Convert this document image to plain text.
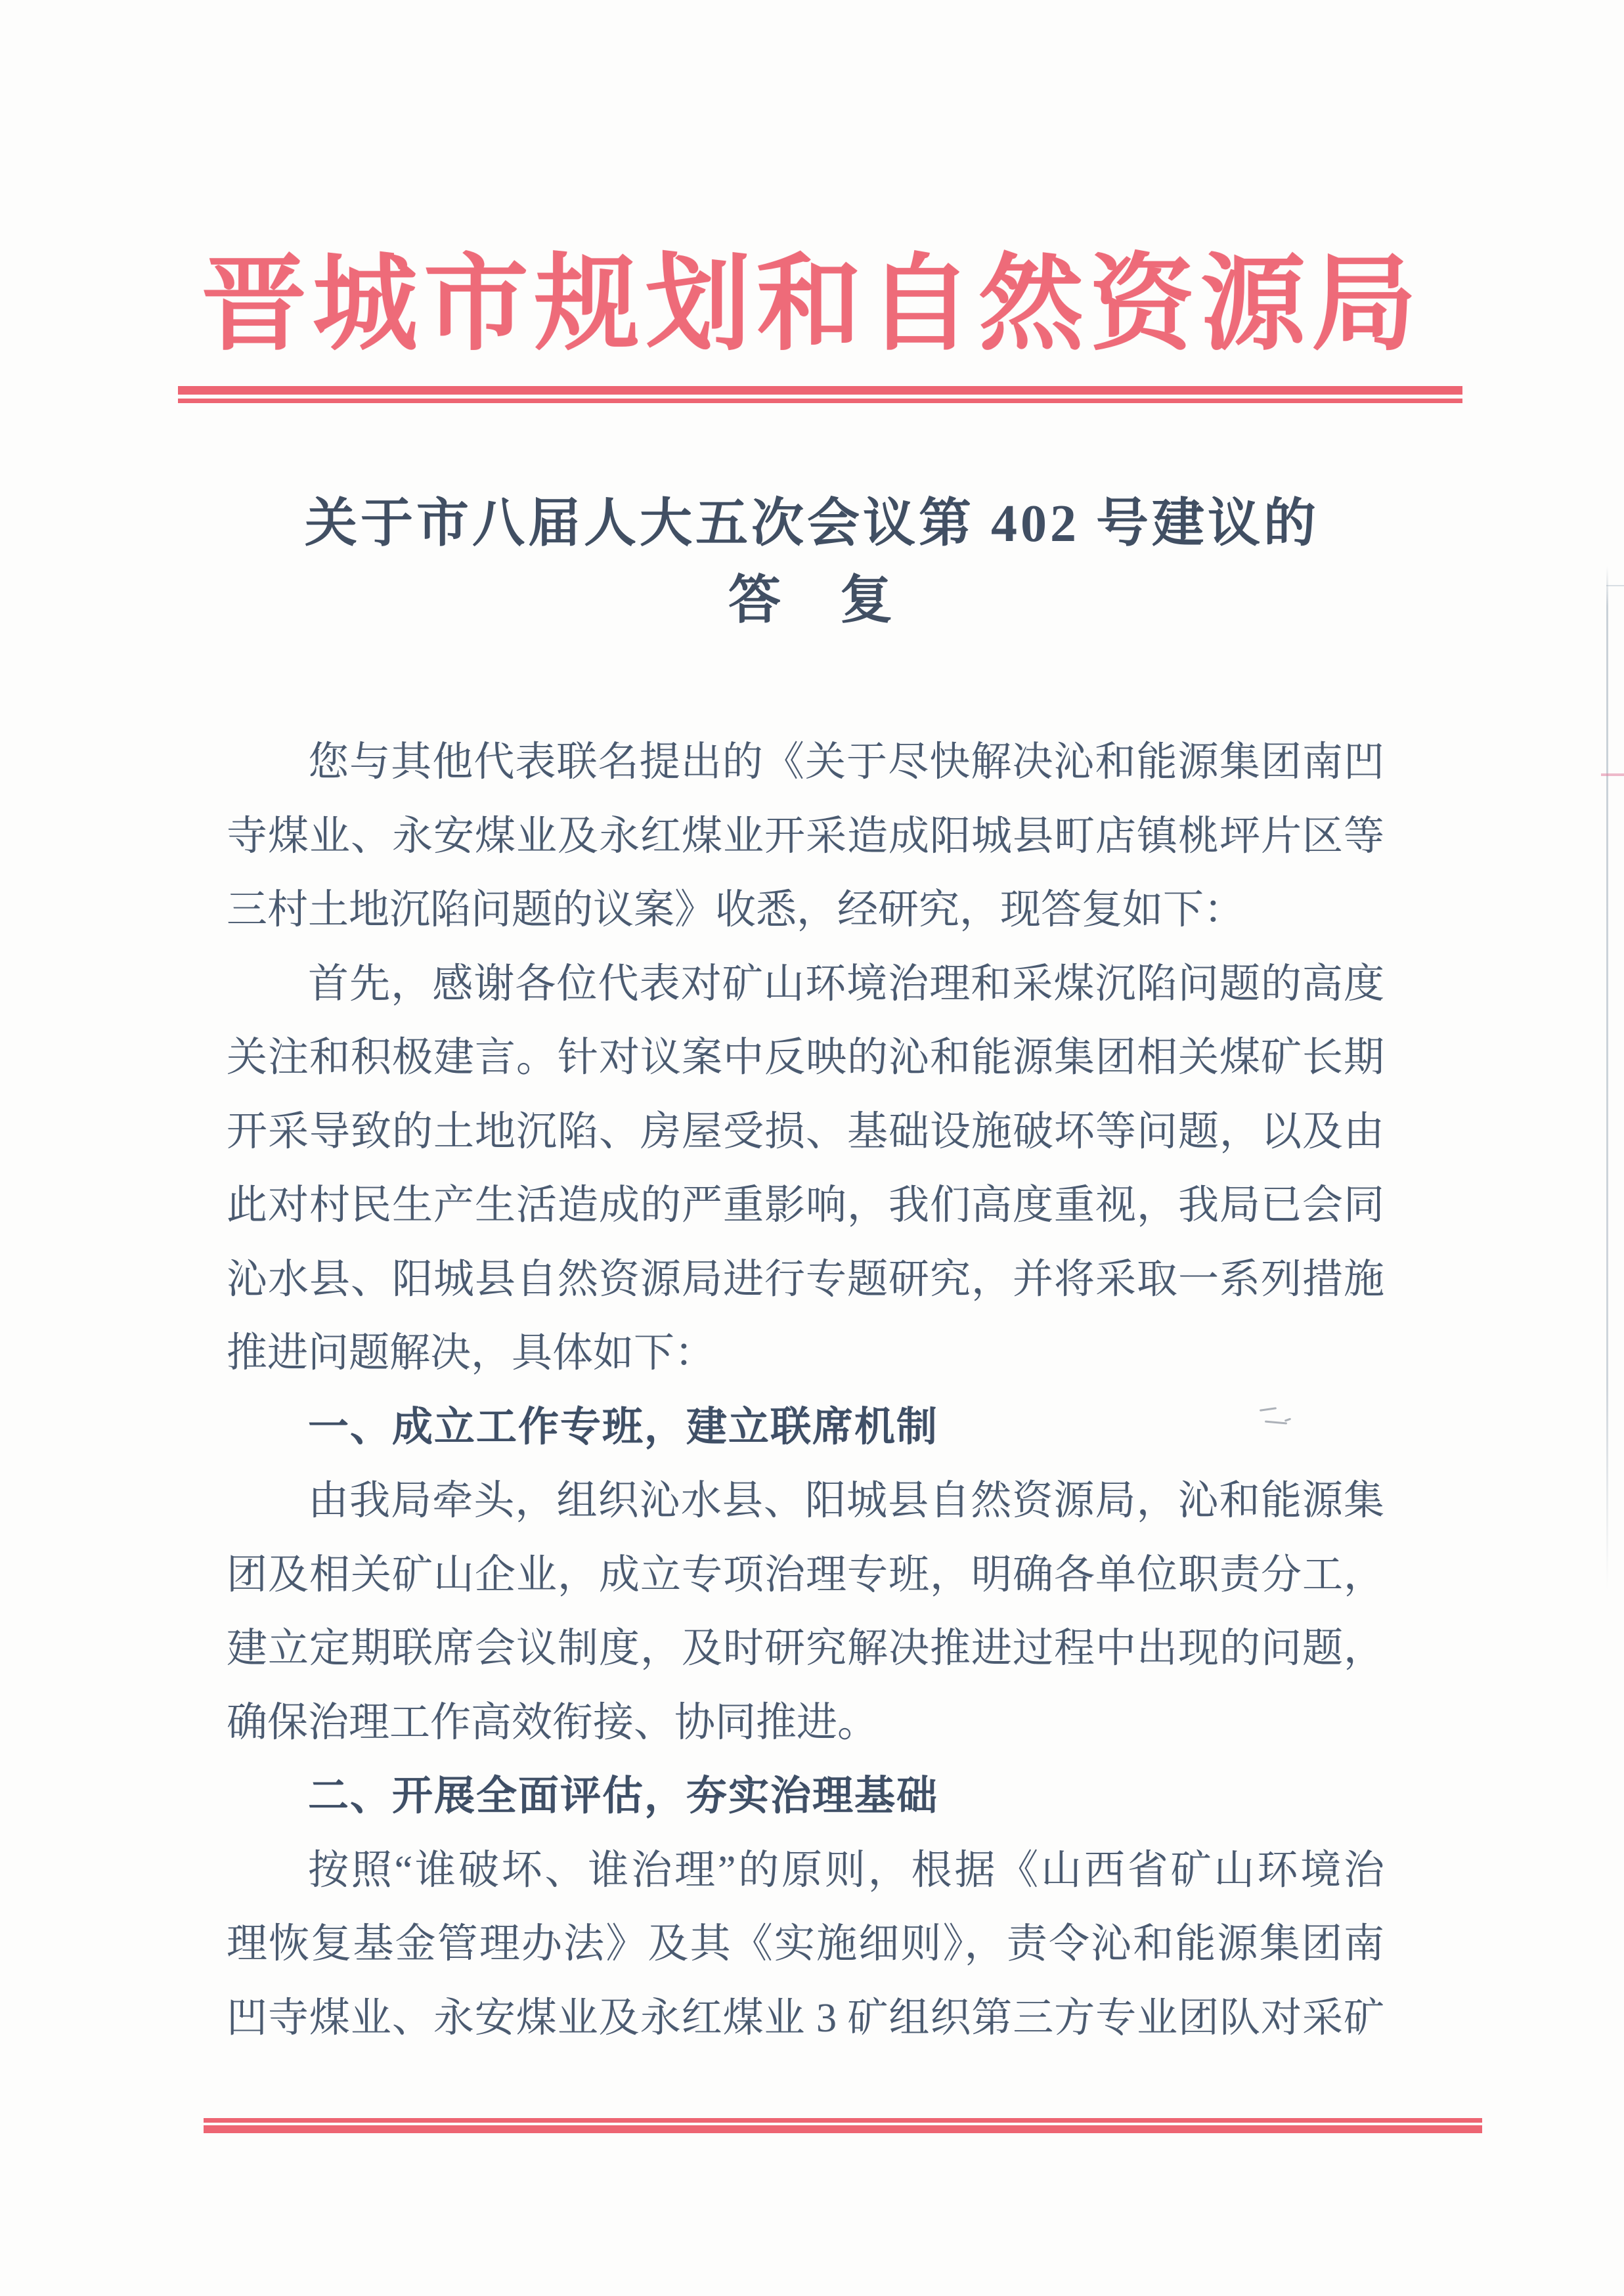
晋城市规划和自然资源局
关于市八届人大五次会议第 402 号建议的
答　复
您与其他代表联名提出的《关于尽快解决沁和能源集团南凹
寺煤业、永安煤业及永红煤业开采造成阳城县町店镇桃坪片区等
三村土地沉陷问题的议案》收悉，经研究，现答复如下：
首先，感谢各位代表对矿山环境治理和采煤沉陷问题的高度
关注和积极建言。针对议案中反映的沁和能源集团相关煤矿长期
开采导致的土地沉陷、房屋受损、基础设施破坏等问题，以及由
此对村民生产生活造成的严重影响，我们高度重视，我局已会同
沁水县、阳城县自然资源局进行专题研究，并将采取一系列措施
推进问题解决，具体如下：
一、成立工作专班，建立联席机制
由我局牵头，组织沁水县、阳城县自然资源局，沁和能源集
团及相关矿山企业，成立专项治理专班，明确各单位职责分工，
建立定期联席会议制度，及时研究解决推进过程中出现的问题，
确保治理工作高效衔接、协同推进。
二、开展全面评估，夯实治理基础
按照“谁破坏、谁治理”的原则，根据《山西省矿山环境治
理恢复基金管理办法》及其《实施细则》，责令沁和能源集团南
凹寺煤业、永安煤业及永红煤业 3 矿组织第三方专业团队对采矿
